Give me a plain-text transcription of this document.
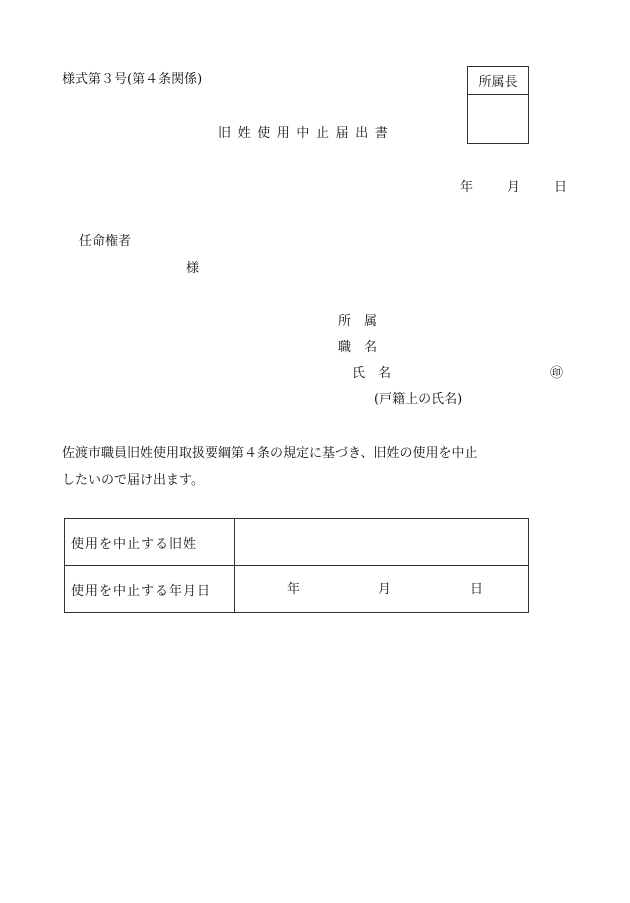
様式第３号(第４条関係)	所属長
旧姓使用中止届出書
年	月	日
任命権者
様
所　属
職　名
氏　名	㊞
(戸籍上の氏名)
佐渡市職員旧姓使用取扱要綱第４条の規定に基づき、旧姓の使用を中止
したいので届け出ます。
使用を中止する旧姓	
使用を中止する年月日	年 月 日
